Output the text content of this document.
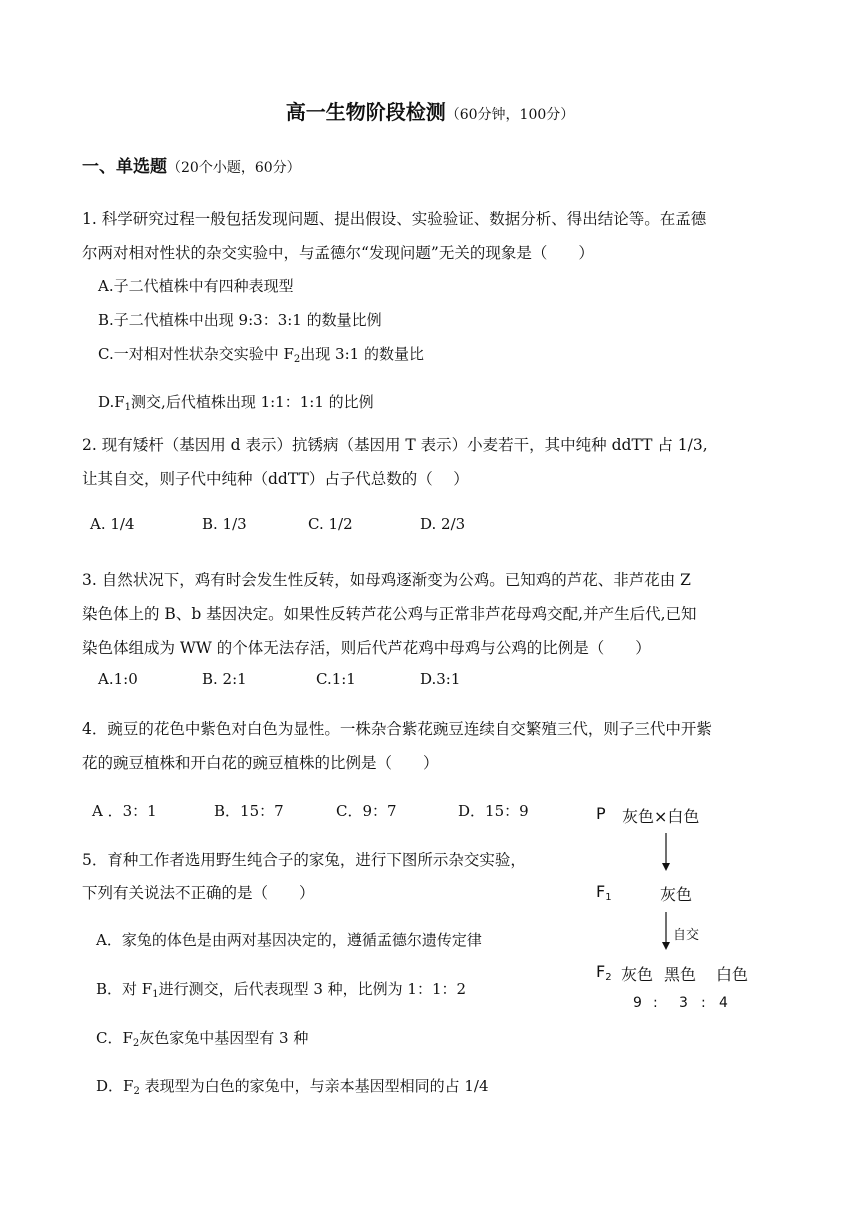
高一生物阶段检测（60分钟，100分）
一、单选题（20个小题，60分）
1. 科学研究过程一般包括发现问题、提出假设、实验验证、数据分析、得出结论等。在孟德
尔两对相对性状的杂交实验中，与孟德尔“发现问题”无关的现象是（　　）
A.子二代植株中有四种表现型
B.子二代植株中出现 9:3：3:1 的数量比例
C.一对相对性状杂交实验中 $F_2$出现 3:1 的数量比
$D.F_1$测交,后代植株出现 1:1：1:1 的比例
2. 现有矮杆（基因用 d 表示）抗锈病（基因用 T 表示）小麦若干，其中纯种 ddTT 占 1/3,
让其自交，则子代中纯种（ddTT）占子代总数的（　 ）
A. 1/4	B. 1/3	C. 1/2	D. 2/3
3. 自然状况下，鸡有时会发生性反转，如母鸡逐渐变为公鸡。已知鸡的芦花、非芦花由 Z
染色体上的 B、b 基因决定。如果性反转芦花公鸡与正常非芦花母鸡交配,并产生后代,已知
染色体组成为 WW 的个体无法存活，则后代芦花鸡中母鸡与公鸡的比例是（　　）
A.1:0	B. 2:1	C.1:1	D.3:1
4．豌豆的花色中紫色对白色为显性。一株杂合紫花豌豆连续自交繁殖三代，则子三代中开紫
花的豌豆植株和开白花的豌豆植株的比例是（　　）
A ．3：1	B．15：7	C．9：7	D．15：9
5．育种工作者选用野生纯合子的家兔，进行下图所示杂交实验，
下列有关说法不正确的是（　　）
A．家兔的体色是由两对基因决定的，遵循孟德尔遗传定律
B．对 $F_1$进行测交，后代表现型 3 种，比例为 1：1：2
C．$F_2$灰色家兔中基因型有 3 种
D．$F_2$ 表现型为白色的家兔中，与亲本基因型相同的占 1/4
P 灰色×白色
$F_1$	灰色
自交
$F_2$ 灰色 黑色 白色
9 : 3 : 4
